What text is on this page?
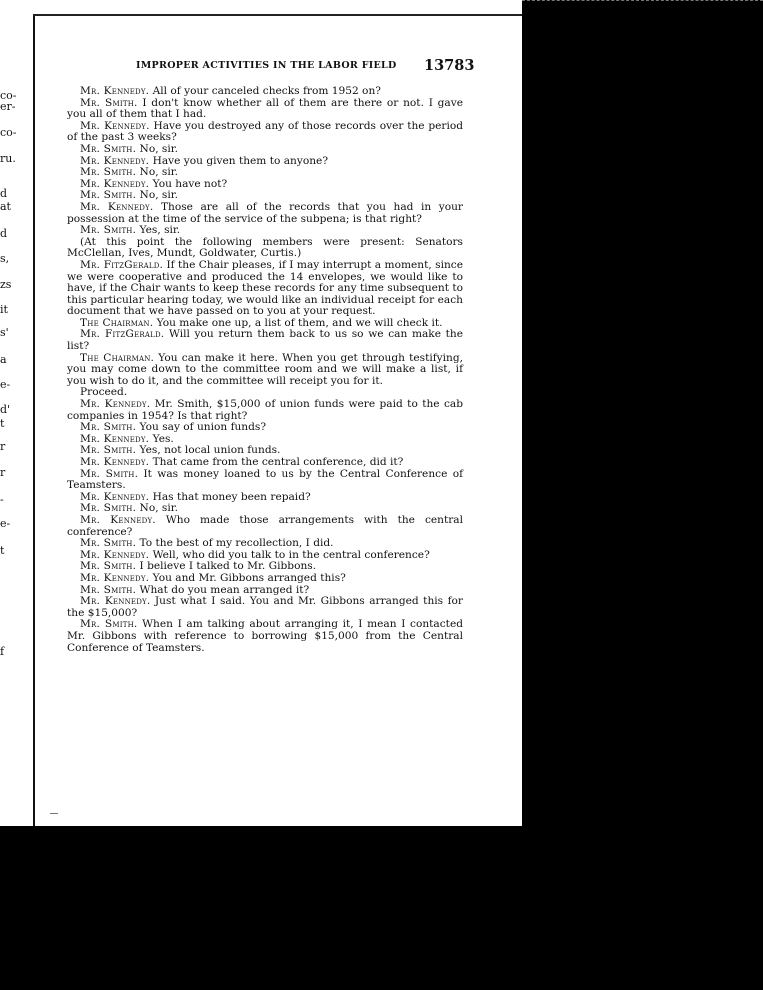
co-
er-
co-
ru.
d
at
d
s,
zs
it
s'
a
e-
d'
t
r
r
-
e-
t
f
IMPROPER ACTIVITIES IN THE LABOR FIELD	13783

Mr. Kennedy. All of your canceled checks from 1952 on?

Mr. Smith. I don't know whether all of them are there or not. I gave you all of them that I had.

Mr. Kennedy. Have you destroyed any of those records over the period of the past 3 weeks?

Mr. Smith. No, sir.

Mr. Kennedy. Have you given them to anyone?

Mr. Smith. No, sir.

Mr. Kennedy. You have not?

Mr. Smith. No, sir.

Mr. Kennedy. Those are all of the records that you had in your possession at the time of the service of the subpena; is that right?

Mr. Smith. Yes, sir.

(At this point the following members were present: Senators McClellan, Ives, Mundt, Goldwater, Curtis.)

Mr. FitzGerald. If the Chair pleases, if I may interrupt a moment, since we were cooperative and produced the 14 envelopes, we would like to have, if the Chair wants to keep these records for any time subsequent to this particular hearing today, we would like an individual receipt for each document that we have passed on to you at your request.

The Chairman. You make one up, a list of them, and we will check it.

Mr. FitzGerald. Will you return them back to us so we can make the list?

The Chairman. You can make it here. When you get through testifying, you may come down to the committee room and we will make a list, if you wish to do it, and the committee will receipt you for it.

Proceed.

Mr. Kennedy. Mr. Smith, $15,000 of union funds were paid to the cab companies in 1954? Is that right?

Mr. Smith. You say of union funds?

Mr. Kennedy. Yes.

Mr. Smith. Yes, not local union funds.

Mr. Kennedy. That came from the central conference, did it?

Mr. Smith. It was money loaned to us by the Central Conference of Teamsters.

Mr. Kennedy. Has that money been repaid?

Mr. Smith. No, sir.

Mr. Kennedy. Who made those arrangements with the central conference?

Mr. Smith. To the best of my recollection, I did.

Mr. Kennedy. Well, who did you talk to in the central conference?

Mr. Smith. I believe I talked to Mr. Gibbons.

Mr. Kennedy. You and Mr. Gibbons arranged this?

Mr. Smith. What do you mean arranged it?

Mr. Kennedy. Just what I said. You and Mr. Gibbons arranged this for the $15,000?

Mr. Smith. When I am talking about arranging it, I mean I contacted Mr. Gibbons with reference to borrowing $15,000 from the Central Conference of Teamsters.
